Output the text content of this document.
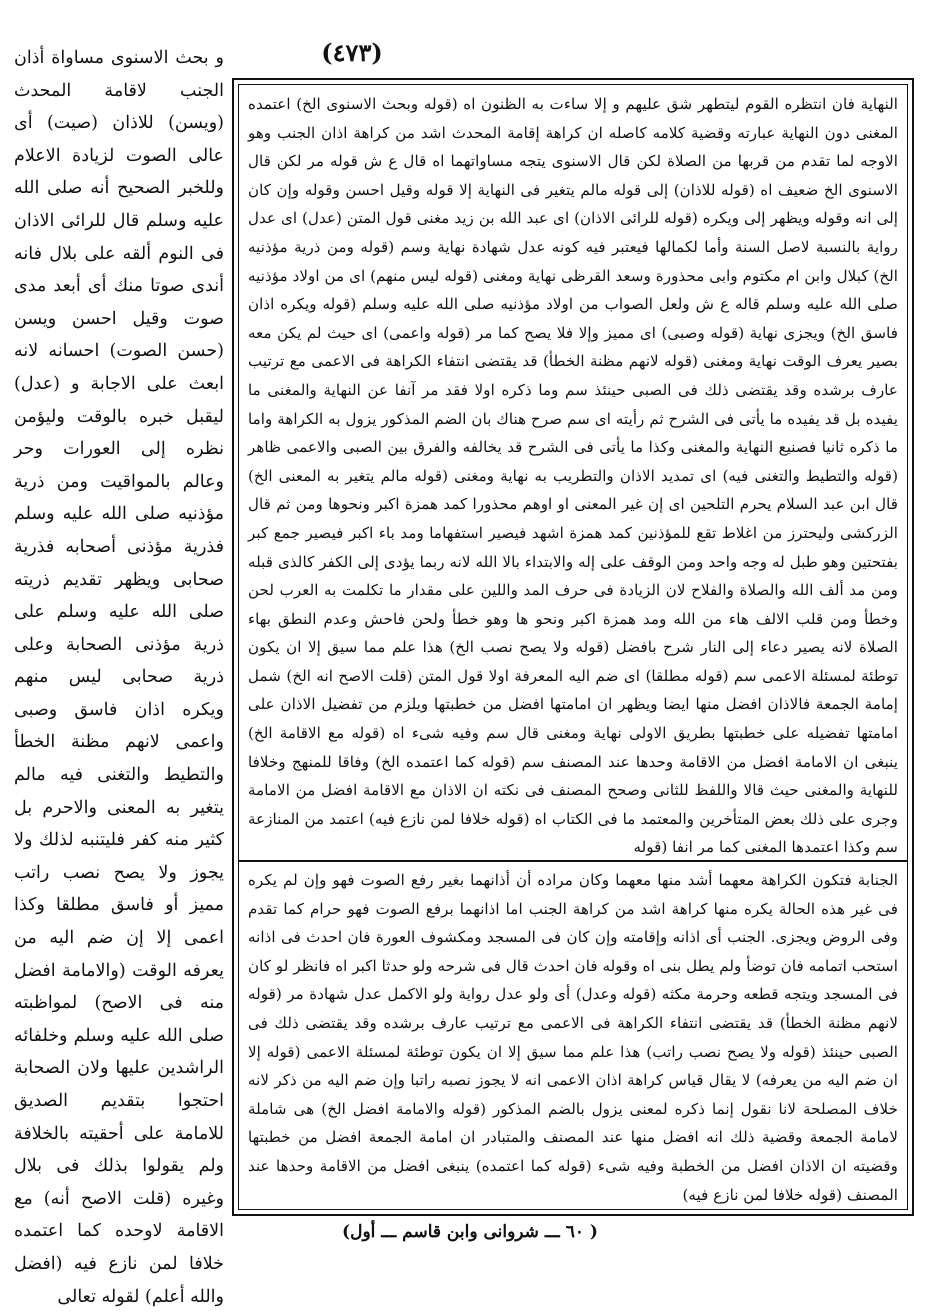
(٤٧٣)
و بحث الاسنوى مساواة أذان الجنب لاقامة المحدث (ويسن) للاذان (صيت) أى عالى الصوت لزيادة الاعلام وللخبر الصحيح أنه صلى الله عليه وسلم قال للرائى الاذان فى النوم ألقه على بلال فانه أندى صوتا منك أى أبعد مدى صوت وقيل احسن ويسن (حسن الصوت) احسانه لانه ابعث على الاجابة و (عدل) ليقبل خبره بالوقت وليؤمن نظره إلى العورات وحر وعالم بالمواقيت ومن ذرية مؤذنيه صلى الله عليه وسلم فذرية مؤذنى أصحابه فذرية صحابى ويظهر تقديم ذريته صلى الله عليه وسلم على ذرية مؤذنى الصحابة وعلى ذرية صحابى ليس منهم ويكره اذان فاسق وصبى واعمى لانهم مظنة الخطأ والتطيط والتغنى فيه مالم يتغير به المعنى والاحرم بل كثير منه كفر فليتنبه لذلك ولا يجوز ولا يصح نصب راتب مميز أو فاسق مطلقا وكذا اعمى إلا إن ضم اليه من يعرفه الوقت (والامامة افضل منه فى الاصح) لمواظبته صلى الله عليه وسلم وخلفائه الراشدين عليها ولان الصحابة احتجوا بتقديم الصديق للامامة على أحقيته بالخلافة ولم يقولوا بذلك فى بلال وغيره (قلت الاصح أنه) مع الاقامة لاوحده كما اعتمده خلافا لمن نازع فيه (افضل والله أعلم) لقوله تعالى
النهاية فان انتظره القوم ليتطهر شق عليهم و إلا ساءت به الظنون اه (قوله وبحث الاسنوى الخ) اعتمده المغنى دون النهاية عبارته وقضية كلامه كاصله ان كراهة إقامة المحدث اشد من كراهة اذان الجنب وهو الاوجه لما تقدم من قربها من الصلاة لكن قال الاسنوى يتجه مساواتهما اه قال ع ش قوله مر لكن قال الاسنوى الخ ضعيف اه (قوله للاذان) إلى قوله مالم يتغير فى النهاية إلا قوله وقيل احسن وقوله وإن كان إلى انه وقوله ويظهر إلى ويكره (قوله للرائى الاذان) اى عبد الله بن زيد مغنى قول المتن (عدل) اى عدل رواية بالنسبة لاصل السنة وأما لكمالها فيعتبر فيه كونه عدل شهادة نهاية وسم (قوله ومن ذرية مؤذنيه الخ) كبلال وابن ام مكتوم وابى محذورة وسعد القرظى نهاية ومغنى (قوله ليس منهم) اى من اولاد مؤذنيه صلى الله عليه وسلم قاله ع ش ولعل الصواب من اولاد مؤذنيه صلى الله عليه وسلم (قوله ويكره اذان فاسق الخ) ويجزى نهاية (قوله وصبى) اى مميز وإلا فلا يصح كما مر (قوله واعمى) اى حيث لم يكن معه بصير يعرف الوقت نهاية ومغنى (قوله لانهم مظنة الخطأ) قد يقتضى انتفاء الكراهة فى الاعمى مع ترتيب عارف برشده وقد يقتضى ذلك فى الصبى حينئذ سم وما ذكره اولا فقد مر آنفا عن النهاية والمغنى ما يفيده بل قد يفيده ما يأتى فى الشرح ثم رأيته اى سم صرح هناك بان الضم المذكور يزول به الكراهة واما ما ذكره ثانيا فصنيع النهاية والمغنى وكذا ما يأتى فى الشرح قد يخالفه والفرق بين الصبى والاعمى ظاهر (قوله والتطيط والتغنى فيه) اى تمديد الاذان والتطريب به نهاية ومغنى (قوله مالم يتغير به المعنى الخ) قال ابن عبد السلام يحرم التلحين اى إن غير المعنى او اوهم محذورا كمد همزة اكبر ونحوها ومن ثم قال الزركشى وليحترز من اغلاط تقع للمؤذنين كمد همزة اشهد فيصير استفهاما ومد باء اكبر فيصير جمع كبر بفتحتين وهو طبل له وجه واحد ومن الوقف على إله والابتداء بالا الله لانه ربما يؤدى إلى الكفر كالذى قبله ومن مد ألف الله والصلاة والفلاح لان الزيادة فى حرف المد واللين على مقدار ما تكلمت به العرب لحن وخطأ ومن قلب الالف هاء من الله ومد همزة اكبر ونحو ها وهو خطأ ولحن فاحش وعدم النطق بهاء الصلاة لانه يصير دعاء إلى النار شرح بافضل (قوله ولا يصح نصب الخ) هذا علم مما سيق إلا ان يكون توطئة لمسئلة الاعمى سم (قوله مطلقا) اى ضم اليه المعرفة اولا قول المتن (قلت الاصح انه الخ) شمل إمامة الجمعة فالاذان افضل منها ايضا ويظهر ان امامتها افضل من خطبتها ويلزم من تفضيل الاذان على امامتها تفضيله على خطبتها بطريق الاولى نهاية ومغنى قال سم وفيه شىء اه (قوله مع الاقامة الخ) ينبغى ان الامامة افضل من الاقامة وحدها عند المصنف سم (قوله كما اعتمده الخ) وفاقا للمنهج وخلافا للنهاية والمغنى حيث قالا واللفظ للثانى وصحح المصنف فى نكته ان الاذان مع الاقامة افضل من الامامة وجرى على ذلك بعض المتأخرين والمعتمد ما فى الكتاب اه (قوله خلافا لمن نازع فيه) اعتمد من المنازعة سم وكذا اعتمدها المغنى كما مر انفا (قوله
الجنابة فتكون الكراهة معهما أشد منها معهما وكان مراده أن أذانهما بغير رفع الصوت فهو وإن لم يكره فى غير هذه الحالة يكره منها كراهة اشد من كراهة الجنب اما اذانهما برفع الصوت فهو حرام كما تقدم وفى الروض ويجزى. الجنب أى اذانه وإقامته وإن كان فى المسجد ومكشوف العورة فان احدث فى اذانه استحب اتمامه فان توضأ ولم يطل بنى اه وقوله فان احدث قال فى شرحه ولو حدثا اكبر اه فانظر لو كان فى المسجد ويتجه قطعه وحرمة مكثه (قوله وعدل) أى ولو عدل رواية ولو الاكمل عدل شهادة مر (قوله لانهم مظنة الخطأ) قد يقتضى انتفاء الكراهة فى الاعمى مع ترتيب عارف برشده وقد يقتضى ذلك فى الصبى حينئذ (قوله ولا يصح نصب راتب) هذا علم مما سيق إلا ان يكون توطئة لمسئلة الاعمى (قوله إلا ان ضم اليه من يعرفه) لا يقال قياس كراهة اذان الاعمى انه لا يجوز نصبه راتبا وإن ضم اليه من ذكر لانه خلاف المصلحة لانا نقول إنما ذكره لمعنى يزول بالضم المذكور (قوله والامامة افضل الخ) هى شاملة لامامة الجمعة وقضية ذلك انه افضل منها عند المصنف والمتبادر ان امامة الجمعة افضل من خطبتها وقضيته ان الاذان افضل من الخطبة وفيه شىء (قوله كما اعتمده) ينبغى افضل من الاقامة وحدها عند المصنف (قوله خلافا لمن نازع فيه)
( ٦٠ ـــ شروانى وابن قاسم ـــ أول)
